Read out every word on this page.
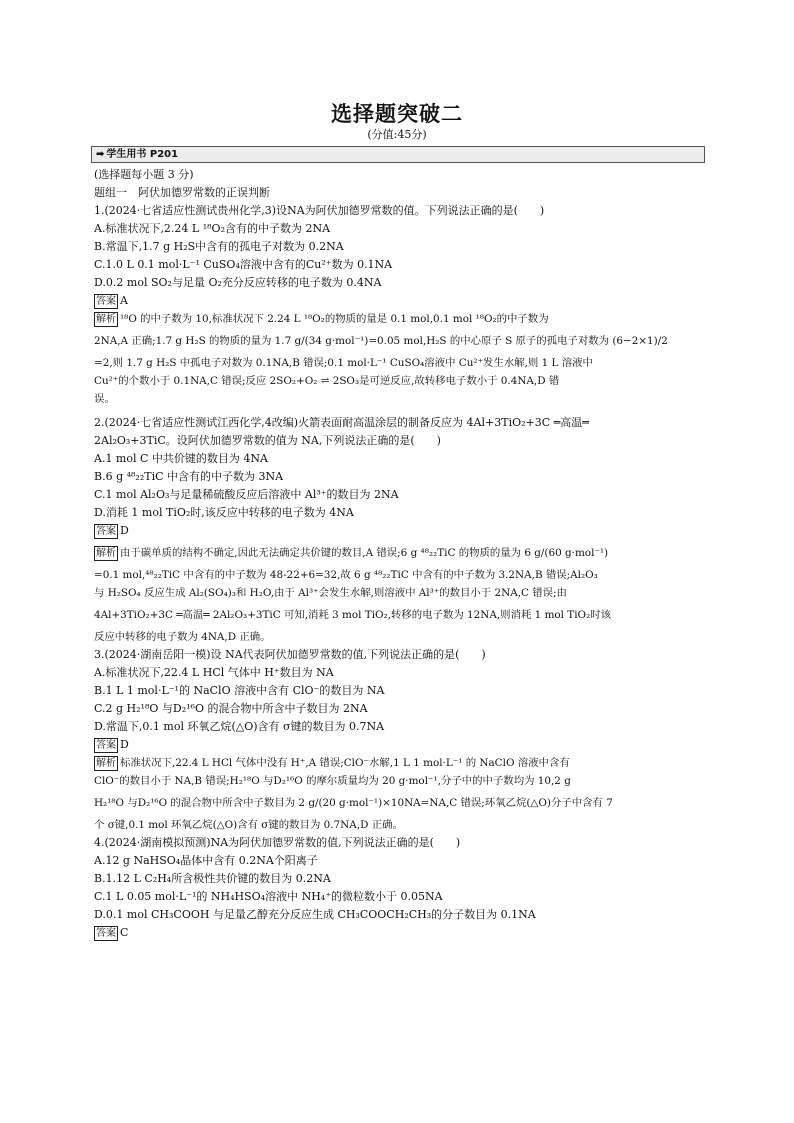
选择题突破二
(分值:45分)
➡ 学生用书 P201
(选择题每小题 3 分)
题组一　阿伏加德罗常数的正误判断
1.(2024·七省适应性测试贵州化学,3)设NA为阿伏加德罗常数的值。下列说法正确的是(　　)
A.标准状况下,2.24 L ¹⁸O₂含有的中子数为 2NA
B.常温下,1.7 g H₂S中含有的孤电子对数为 0.2NA
C.1.0 L 0.1 mol·L⁻¹ CuSO₄溶液中含有的Cu²⁺数为 0.1NA
D.0.2 mol SO₂与足量 O₂充分反应转移的电子数为 0.4NA
答案 A
解析 ¹⁸O 的中子数为 10,标准状况下 2.24 L ¹⁸O₂的物质的量是 0.1 mol,0.1 mol ¹⁸O₂的中子数为
2NA,A 正确;1.7 g H₂S 的物质的量为 1.7 g/(34 g·mol⁻¹)=0.05 mol,H₂S 的中心原子 S 原子的孤电子对数为 (6−2×1)/2
=2,则 1.7 g H₂S 中孤电子对数为 0.1NA,B 错误;0.1 mol·L⁻¹ CuSO₄溶液中 Cu²⁺发生水解,则 1 L 溶液中
Cu²⁺的个数小于 0.1NA,C 错误;反应 2SO₂+O₂ ⇌ 2SO₃是可逆反应,故转移电子数小于 0.4NA,D 错
误。
2.(2024·七省适应性测试江西化学,4改编)火箭表面耐高温涂层的制备反应为 4Al+3TiO₂+3C ═高温═
2Al₂O₃+3TiC。设阿伏加德罗常数的值为 NA,下列说法正确的是(　　)
A.1 mol C 中共价键的数目为 4NA
B.6 g ⁴⁸₂₂TiC 中含有的中子数为 3NA
C.1 mol Al₂O₃与足量稀硫酸反应后溶液中 Al³⁺的数目为 2NA
D.消耗 1 mol TiO₂时,该反应中转移的电子数为 4NA
答案 D
解析 由于碳单质的结构不确定,因此无法确定共价键的数目,A 错误;6 g ⁴⁸₂₂TiC 的物质的量为 6 g/(60 g·mol⁻¹)
=0.1 mol,⁴⁸₂₂TiC 中含有的中子数为 48-22+6=32,故 6 g ⁴⁸₂₂TiC 中含有的中子数为 3.2NA,B 错误;Al₂O₃
与 H₂SO₄ 反应生成 Al₂(SO₄)₃和 H₂O,由于 Al³⁺会发生水解,则溶液中 Al³⁺的数目小于 2NA,C 错误;由
4Al+3TiO₂+3C ═高温═ 2Al₂O₃+3TiC 可知,消耗 3 mol TiO₂,转移的电子数为 12NA,则消耗 1 mol TiO₂时该
反应中转移的电子数为 4NA,D 正确。
3.(2024·湖南岳阳一模)设 NA代表阿伏加德罗常数的值,下列说法正确的是(　　)
A.标准状况下,22.4 L HCl 气体中 H⁺数目为 NA
B.1 L 1 mol·L⁻¹的 NaClO 溶液中含有 ClO⁻的数目为 NA
C.2 g H₂¹⁸O 与D₂¹⁶O 的混合物中所含中子数目为 2NA
D.常温下,0.1 mol 环氧乙烷(△O)含有 σ键的数目为 0.7NA
答案 D
解析 标准状况下,22.4 L HCl 气体中没有 H⁺,A 错误;ClO⁻水解,1 L 1 mol·L⁻¹ 的 NaClO 溶液中含有
ClO⁻的数目小于 NA,B 错误;H₂¹⁸O 与D₂¹⁶O 的摩尔质量均为 20 g·mol⁻¹,分子中的中子数均为 10,2 g
H₂¹⁸O 与D₂¹⁶O 的混合物中所含中子数目为 2 g/(20 g·mol⁻¹)×10NA=NA,C 错误;环氧乙烷(△O)分子中含有 7
个 σ键,0.1 mol 环氧乙烷(△O)含有 σ键的数目为 0.7NA,D 正确。
4.(2024·湖南模拟预测)NA为阿伏加德罗常数的值,下列说法正确的是(　　)
A.12 g NaHSO₄晶体中含有 0.2NA个阳离子
B.1.12 L C₂H₄所含极性共价键的数目为 0.2NA
C.1 L 0.05 mol·L⁻¹的 NH₄HSO₄溶液中 NH₄⁺的微粒数小于 0.05NA
D.0.1 mol CH₃COOH 与足量乙醇充分反应生成 CH₃COOCH₂CH₃的分子数目为 0.1NA
答案 C
